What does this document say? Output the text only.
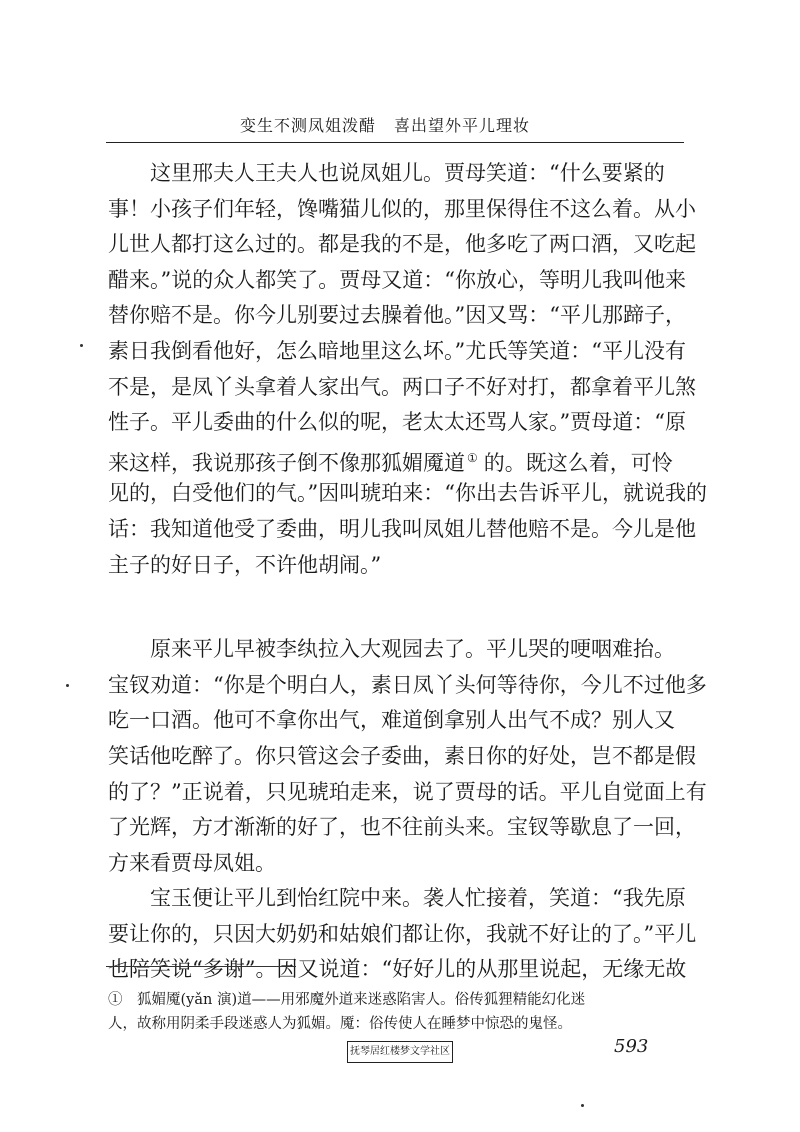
变生不测凤姐泼醋 喜出望外平儿理妆
　　这里邢夫人王夫人也说凤姐儿。贾母笑道：“什么要紧的
事！小孩子们年轻，馋嘴猫儿似的，那里保得住不这么着。从小
儿世人都打这么过的。都是我的不是，他多吃了两口酒，又吃起
醋来。”说的众人都笑了。贾母又道：“你放心，等明儿我叫他来
替你赔不是。你今儿别要过去臊着他。”因又骂：“平儿那蹄子，
素日我倒看他好，怎么暗地里这么坏。”尤氏等笑道：“平儿没有
不是，是凤丫头拿着人家出气。两口子不好对打，都拿着平儿煞
性子。平儿委曲的什么似的呢，老太太还骂人家。”贾母道：“原
来这样，我说那孩子倒不像那狐媚魇道 ① 的。既这么着，可怜
见的，白受他们的气。”因叫琥珀来：“你出去告诉平儿，就说我的
话：我知道他受了委曲，明儿我叫凤姐儿替他赔不是。今儿是他
主子的好日子，不许他胡闹。”
　　原来平儿早被李纨拉入大观园去了。平儿哭的哽咽难抬。
宝钗劝道：“你是个明白人，素日凤丫头何等待你，今儿不过他多
吃一口酒。他可不拿你出气，难道倒拿别人出气不成？别人又
笑话他吃醉了。你只管这会子委曲，素日你的好处，岂不都是假
的了？”正说着，只见琥珀走来，说了贾母的话。平儿自觉面上有
了光辉，方才渐渐的好了，也不往前头来。宝钗等歇息了一回，
方来看贾母凤姐。
　　宝玉便让平儿到怡红院中来。袭人忙接着，笑道：“我先原
要让你的，只因大奶奶和姑娘们都让你，我就不好让的了。”平儿
也陪笑说“多谢”。因又说道：“好好儿的从那里说起，无缘无故
①　狐媚魇(yǎn 演)道——用邪魔外道来迷惑陷害人。俗传狐狸精能幻化迷
人，故称用阴柔手段迷惑人为狐媚。魇：俗传使人在睡梦中惊恐的鬼怪。
抚琴居红楼梦文学社区	593
